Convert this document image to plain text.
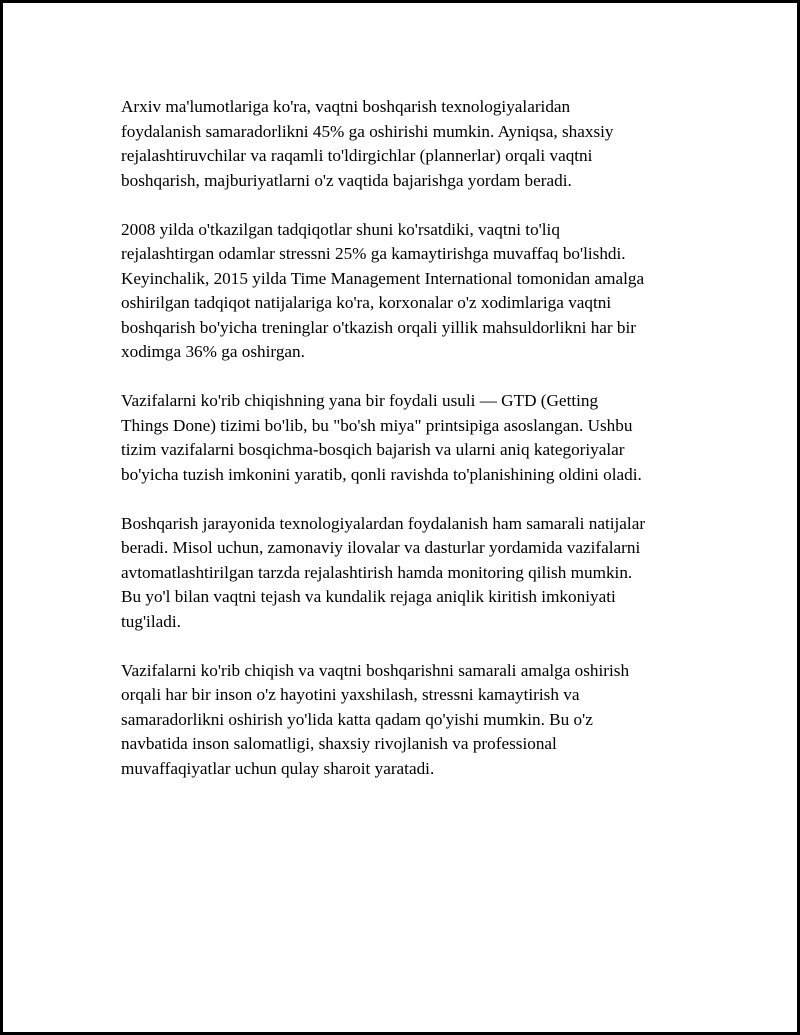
Arxiv ma'lumotlariga ko'ra, vaqtni boshqarish texnologiyalaridan
foydalanish samaradorlikni 45% ga oshirishi mumkin. Ayniqsa, shaxsiy
rejalashtiruvchilar va raqamli to'ldirgichlar (plannerlar) orqali vaqtni
boshqarish, majburiyatlarni o'z vaqtida bajarishga yordam beradi.

2008 yilda o'tkazilgan tadqiqotlar shuni ko'rsatdiki, vaqtni to'liq
rejalashtirgan odamlar stressni 25% ga kamaytirishga muvaffaq bo'lishdi.
Keyinchalik, 2015 yilda Time Management International tomonidan amalga
oshirilgan tadqiqot natijalariga ko'ra, korxonalar o'z xodimlariga vaqtni
boshqarish bo'yicha treninglar o'tkazish orqali yillik mahsuldorlikni har bir
xodimga 36% ga oshirgan.

Vazifalarni ko'rib chiqishning yana bir foydali usuli — GTD (Getting
Things Done) tizimi bo'lib, bu "bo'sh miya" printsipiga asoslangan. Ushbu
tizim vazifalarni bosqichma-bosqich bajarish va ularni aniq kategoriyalar
bo'yicha tuzish imkonini yaratib, qonli ravishda to'planishining oldini oladi.

Boshqarish jarayonida texnologiyalardan foydalanish ham samarali natijalar
beradi. Misol uchun, zamonaviy ilovalar va dasturlar yordamida vazifalarni
avtomatlashtirilgan tarzda rejalashtirish hamda monitoring qilish mumkin.
Bu yo'l bilan vaqtni tejash va kundalik rejaga aniqlik kiritish imkoniyati
tug'iladi.

Vazifalarni ko'rib chiqish va vaqtni boshqarishni samarali amalga oshirish
orqali har bir inson o'z hayotini yaxshilash, stressni kamaytirish va
samaradorlikni oshirish yo'lida katta qadam qo'yishi mumkin. Bu o'z
navbatida inson salomatligi, shaxsiy rivojlanish va professional
muvaffaqiyatlar uchun qulay sharoit yaratadi.
